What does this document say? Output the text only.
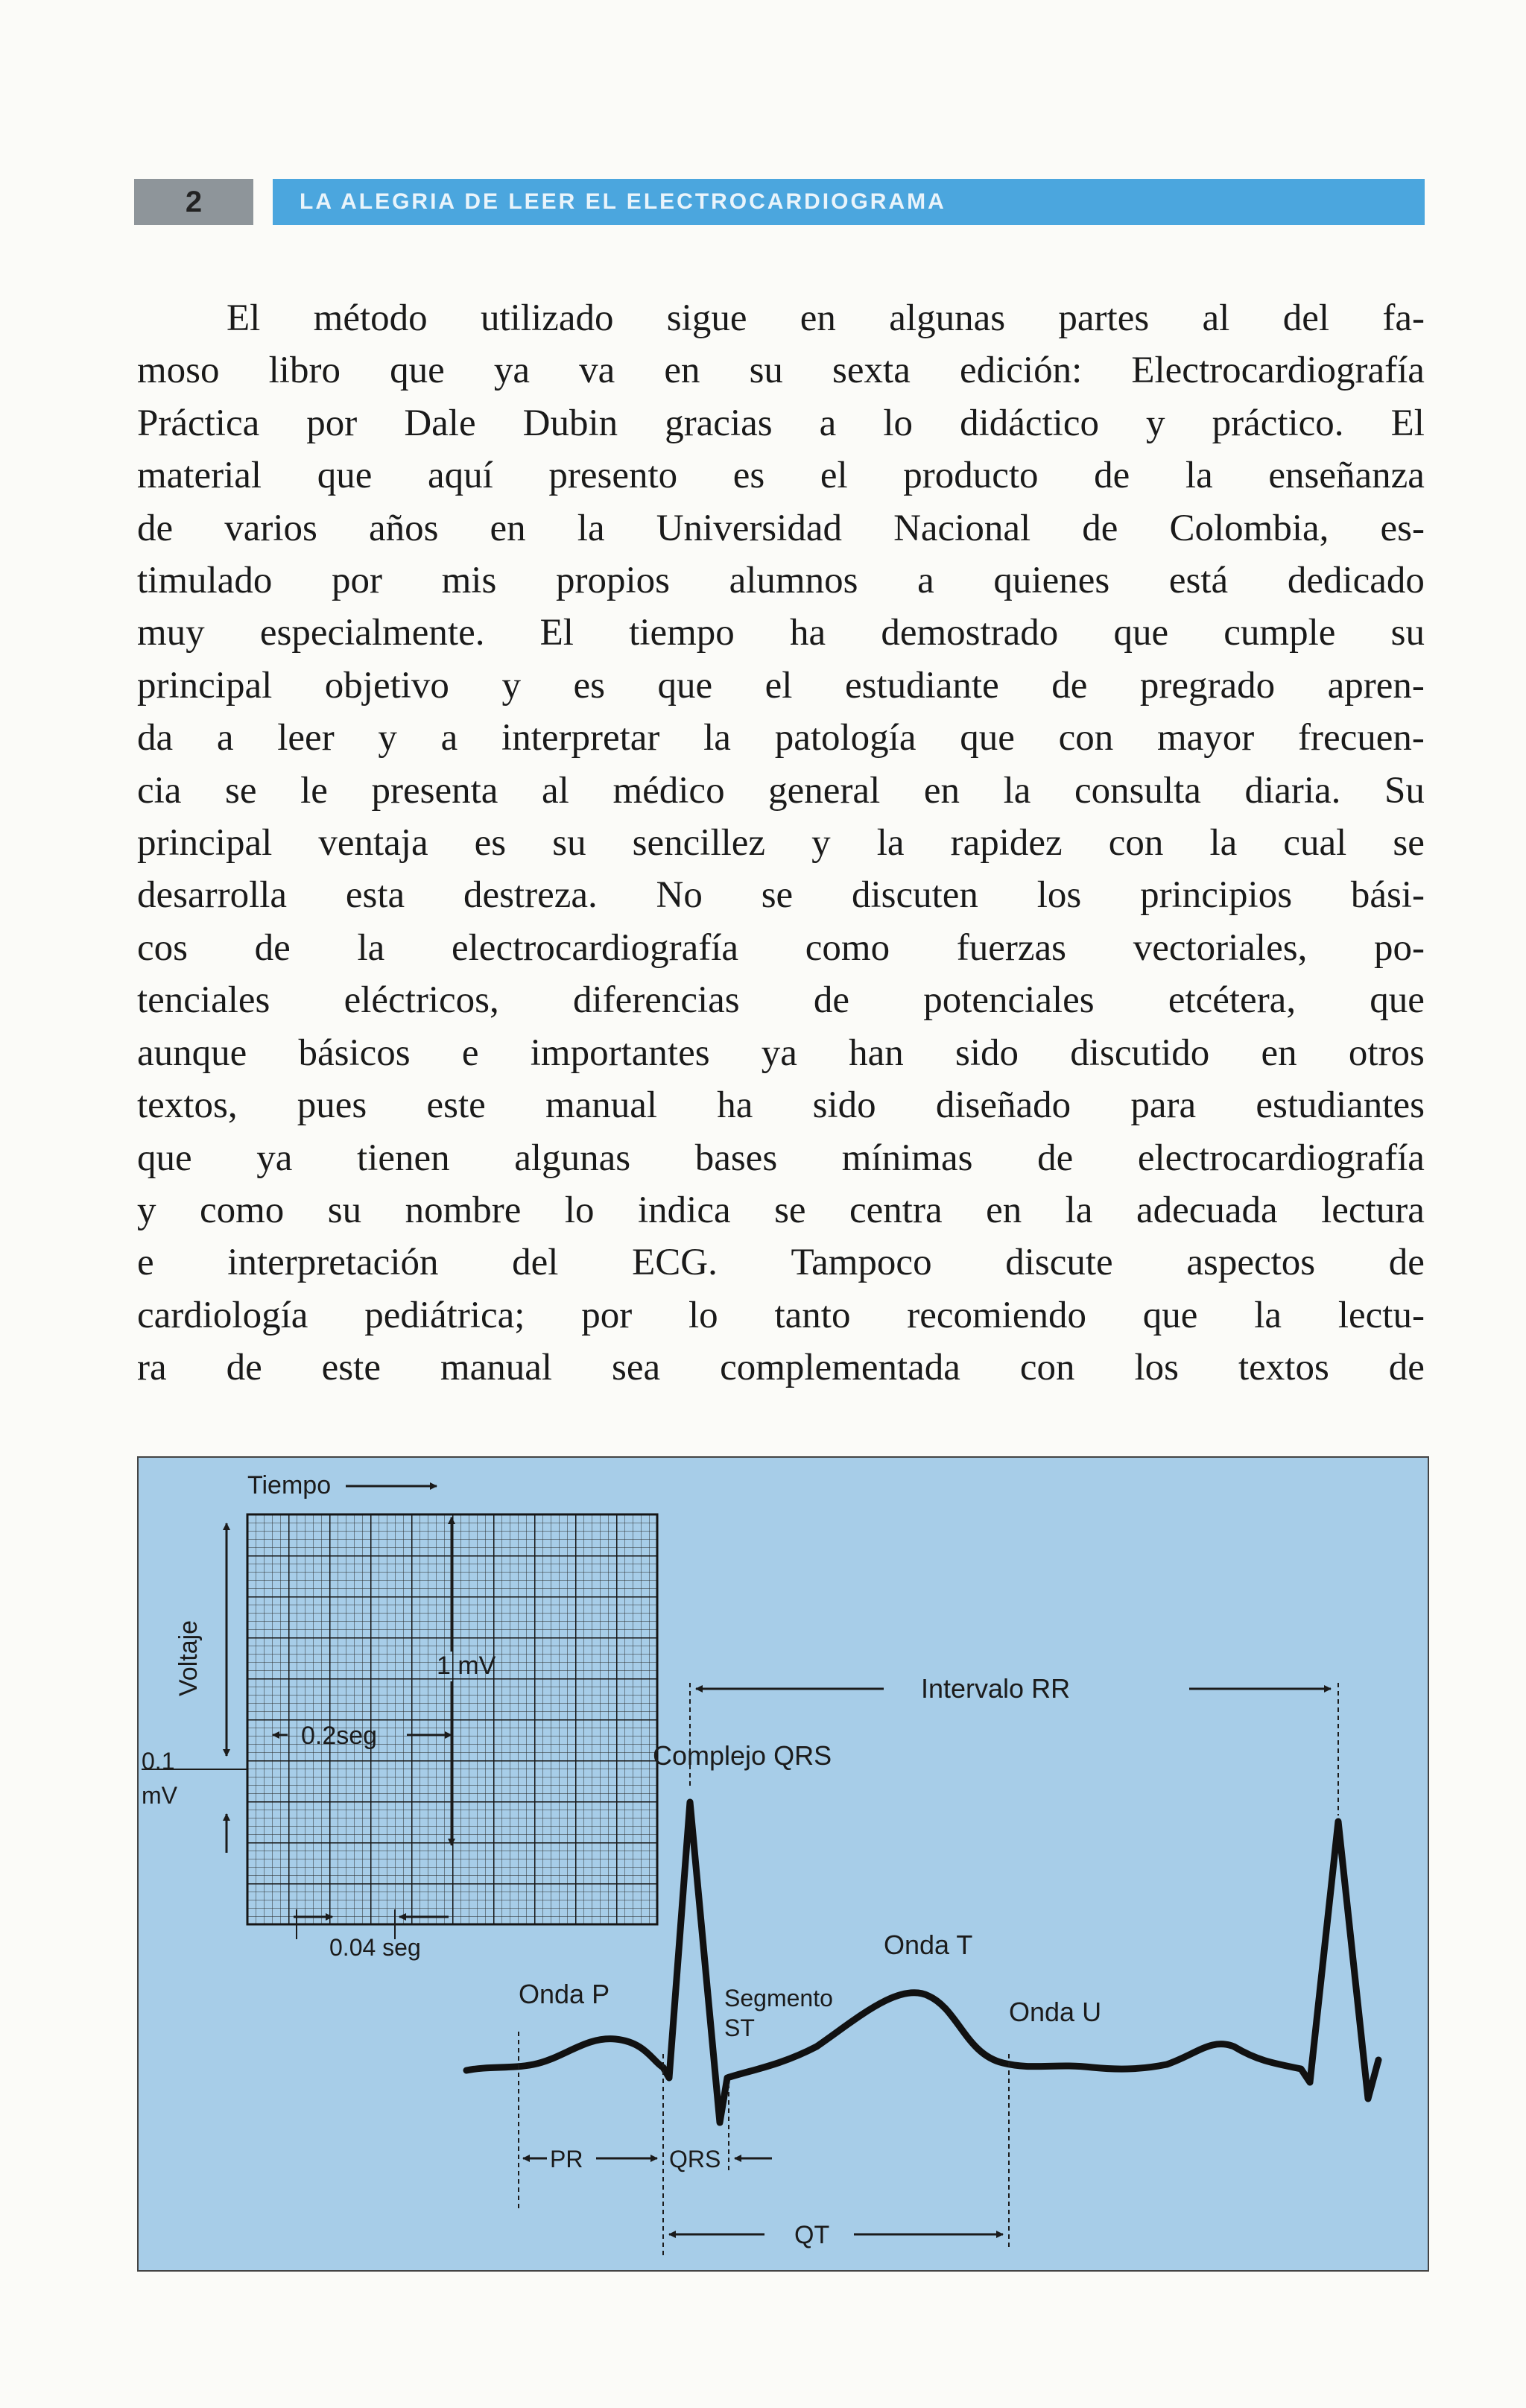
2	LA ALEGRIA DE LEER EL ELECTROCARDIOGRAMA
El método utilizado sigue en algunas partes al del fa-
moso libro que ya va en su sexta edición: Electrocardiografía
Práctica por Dale Dubin gracias a lo didáctico y práctico. El
material que aquí presento es el producto de la enseñanza
de varios años en la Universidad Nacional de Colombia, es-
timulado por mis propios alumnos a quienes está dedicado
muy especialmente. El tiempo ha demostrado que cumple su
principal objetivo y es que el estudiante de pregrado apren-
da a leer y a interpretar la patología que con mayor frecuen-
cia se le presenta al médico general en la consulta diaria. Su
principal ventaja es su sencillez y la rapidez con la cual se
desarrolla esta destreza. No se discuten los principios bási-
cos de la electrocardiografía como fuerzas vectoriales, po-
tenciales eléctricos, diferencias de potenciales etcétera, que
aunque básicos e importantes ya han sido discutido en otros
textos, pues este manual ha sido diseñado para estudiantes
que ya tienen algunas bases mínimas de electrocardiografía
y como su nombre lo indica se centra en la adecuada lectura
e interpretación del ECG. Tampoco discute aspectos de
cardiología pediátrica; por lo tanto recomiendo que la lectu-
ra de este manual sea complementada con los textos de
Tiempo
Voltaje
0.1
mV
1 mV
0.2seg
0.04 seg
Intervalo RR
Complejo QRS
Onda P	Segmento
ST
Onda T
Onda U
PR	QRS
QT
